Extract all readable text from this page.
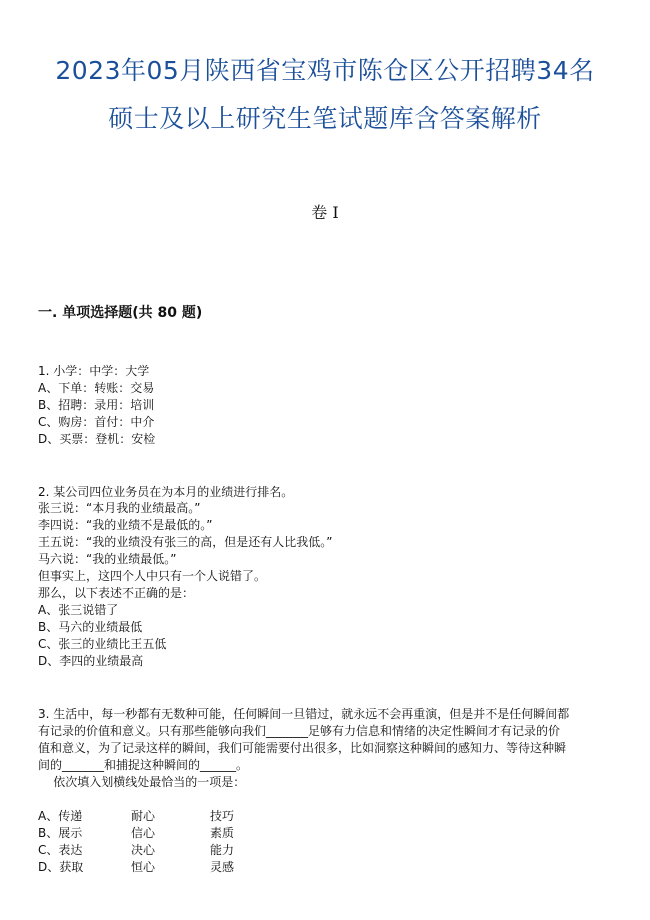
2023年05月陕西省宝鸡市陈仓区公开招聘34名
硕士及以上研究生笔试题库含答案解析
卷 I
一. 单项选择题(共 80 题)
1. 小学：中学：大学
A、下单：转账：交易
B、招聘：录用：培训
C、购房：首付：中介
D、买票：登机：安检
2. 某公司四位业务员在为本月的业绩进行排名。
张三说：“本月我的业绩最高。”
李四说：“我的业绩不是最低的。”
王五说：“我的业绩没有张三的高，但是还有人比我低。”
马六说：“我的业绩最低。”
但事实上，这四个人中只有一个人说错了。
那么，以下表述不正确的是：
A、张三说错了
B、马六的业绩最低
C、张三的业绩比王五低
D、李四的业绩最高
3. 生活中，每一秒都有无数种可能，任何瞬间一旦错过，就永远不会再重演，但是并不是任何瞬间都
有记录的价值和意义。只有那些能够向我们_______足够有力信息和情绪的决定性瞬间才有记录的价
值和意义，为了记录这样的瞬间，我们可能需要付出很多，比如洞察这种瞬间的感知力、等待这种瞬
间的_______和捕捉这种瞬间的______。
依次填入划横线处最恰当的一项是：
A、传递	耐心	技巧
B、展示	信心	素质
C、表达	决心	能力
D、获取	恒心	灵感
